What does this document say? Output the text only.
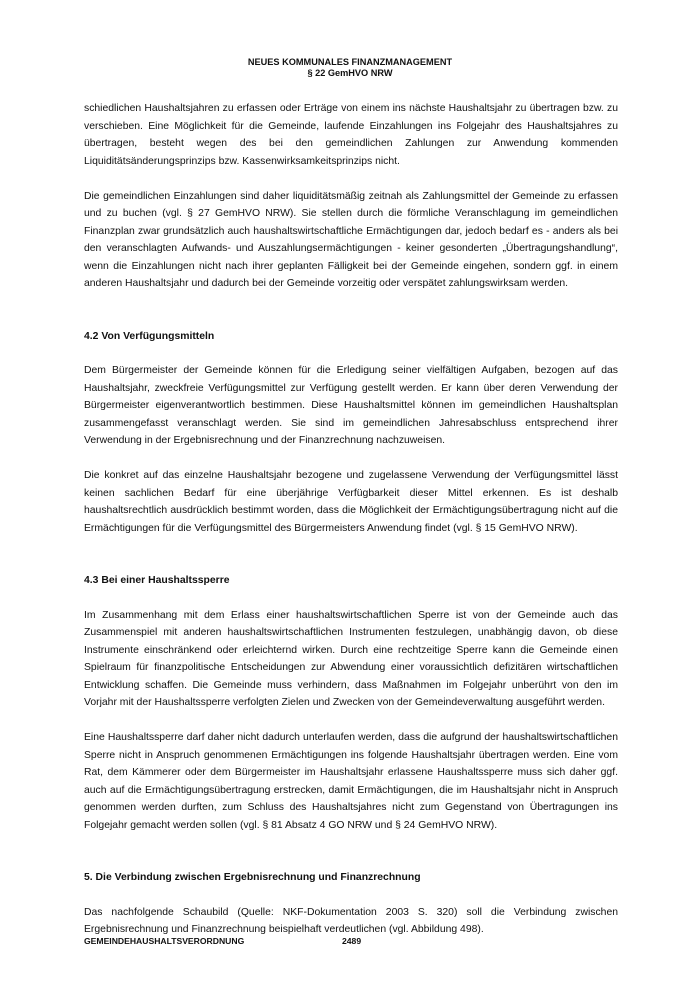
NEUES KOMMUNALES FINANZMANAGEMENT
§ 22 GemHVO NRW

schiedlichen Haushaltsjahren zu erfassen oder Erträge von einem ins nächste Haushaltsjahr zu übertragen bzw. zu verschieben. Eine Möglichkeit für die Gemeinde, laufende Einzahlungen ins Folgejahr des Haushaltsjahres zu übertragen, besteht wegen des bei den gemeindlichen Zahlungen zur Anwendung kommenden Liquiditätsänderungsprinzips bzw. Kassenwirksamkeitsprinzips nicht.

Die gemeindlichen Einzahlungen sind daher liquiditätsmäßig zeitnah als Zahlungsmittel der Gemeinde zu erfassen und zu buchen (vgl. § 27 GemHVO NRW). Sie stellen durch die förmliche Veranschlagung im gemeindlichen Finanzplan zwar grundsätzlich auch haushaltswirtschaftliche Ermächtigungen dar, jedoch bedarf es - anders als bei den veranschlagten Aufwands- und Auszahlungsermächtigungen - keiner gesonderten „Übertragungshandlung“, wenn die Einzahlungen nicht nach ihrer geplanten Fälligkeit bei der Gemeinde eingehen, sondern ggf. in einem anderen Haushaltsjahr und dadurch bei der Gemeinde vorzeitig oder verspätet zahlungswirksam werden.

4.2 Von Verfügungsmitteln

Dem Bürgermeister der Gemeinde können für die Erledigung seiner vielfältigen Aufgaben, bezogen auf das Haushaltsjahr, zweckfreie Verfügungsmittel zur Verfügung gestellt werden. Er kann über deren Verwendung der Bürgermeister eigenverantwortlich bestimmen. Diese Haushaltsmittel können im gemeindlichen Haushaltsplan zusammengefasst veranschlagt werden. Sie sind im gemeindlichen Jahresabschluss entsprechend ihrer Verwendung in der Ergebnisrechnung und der Finanzrechnung nachzuweisen.

Die konkret auf das einzelne Haushaltsjahr bezogene und zugelassene Verwendung der Verfügungsmittel lässt keinen sachlichen Bedarf für eine überjährige Verfügbarkeit dieser Mittel erkennen. Es ist deshalb haushaltsrechtlich ausdrücklich bestimmt worden, dass die Möglichkeit der Ermächtigungsübertragung nicht auf die Ermächtigungen für die Verfügungsmittel des Bürgermeisters Anwendung findet (vgl. § 15 GemHVO NRW).

4.3 Bei einer Haushaltssperre

Im Zusammenhang mit dem Erlass einer haushaltswirtschaftlichen Sperre ist von der Gemeinde auch das Zusammenspiel mit anderen haushaltswirtschaftlichen Instrumenten festzulegen, unabhängig davon, ob diese Instrumente einschränkend oder erleichternd wirken. Durch eine rechtzeitige Sperre kann die Gemeinde einen Spielraum für finanzpolitische Entscheidungen zur Abwendung einer voraussichtlich defizitären wirtschaftlichen Entwicklung schaffen. Die Gemeinde muss verhindern, dass Maßnahmen im Folgejahr unberührt von den im Vorjahr mit der Haushaltssperre verfolgten Zielen und Zwecken von der Gemeindeverwaltung ausgeführt werden.

Eine Haushaltssperre darf daher nicht dadurch unterlaufen werden, dass die aufgrund der haushaltswirtschaftlichen Sperre nicht in Anspruch genommenen Ermächtigungen ins folgende Haushaltsjahr übertragen werden. Eine vom Rat, dem Kämmerer oder dem Bürgermeister im Haushaltsjahr erlassene Haushaltssperre muss sich daher ggf. auch auf die Ermächtigungsübertragung erstrecken, damit Ermächtigungen, die im Haushaltsjahr nicht in Anspruch genommen werden durften, zum Schluss des Haushaltsjahres nicht zum Gegenstand von Übertragungen ins Folgejahr gemacht werden sollen (vgl. § 81 Absatz 4 GO NRW und § 24 GemHVO NRW).

5. Die Verbindung zwischen Ergebnisrechnung und Finanzrechnung

Das nachfolgende Schaubild (Quelle: NKF-Dokumentation 2003 S. 320) soll die Verbindung zwischen Ergebnisrechnung und Finanzrechnung beispielhaft verdeutlichen (vgl. Abbildung 498).

GEMEINDEHAUSHALTSVERORDNUNG	2489
